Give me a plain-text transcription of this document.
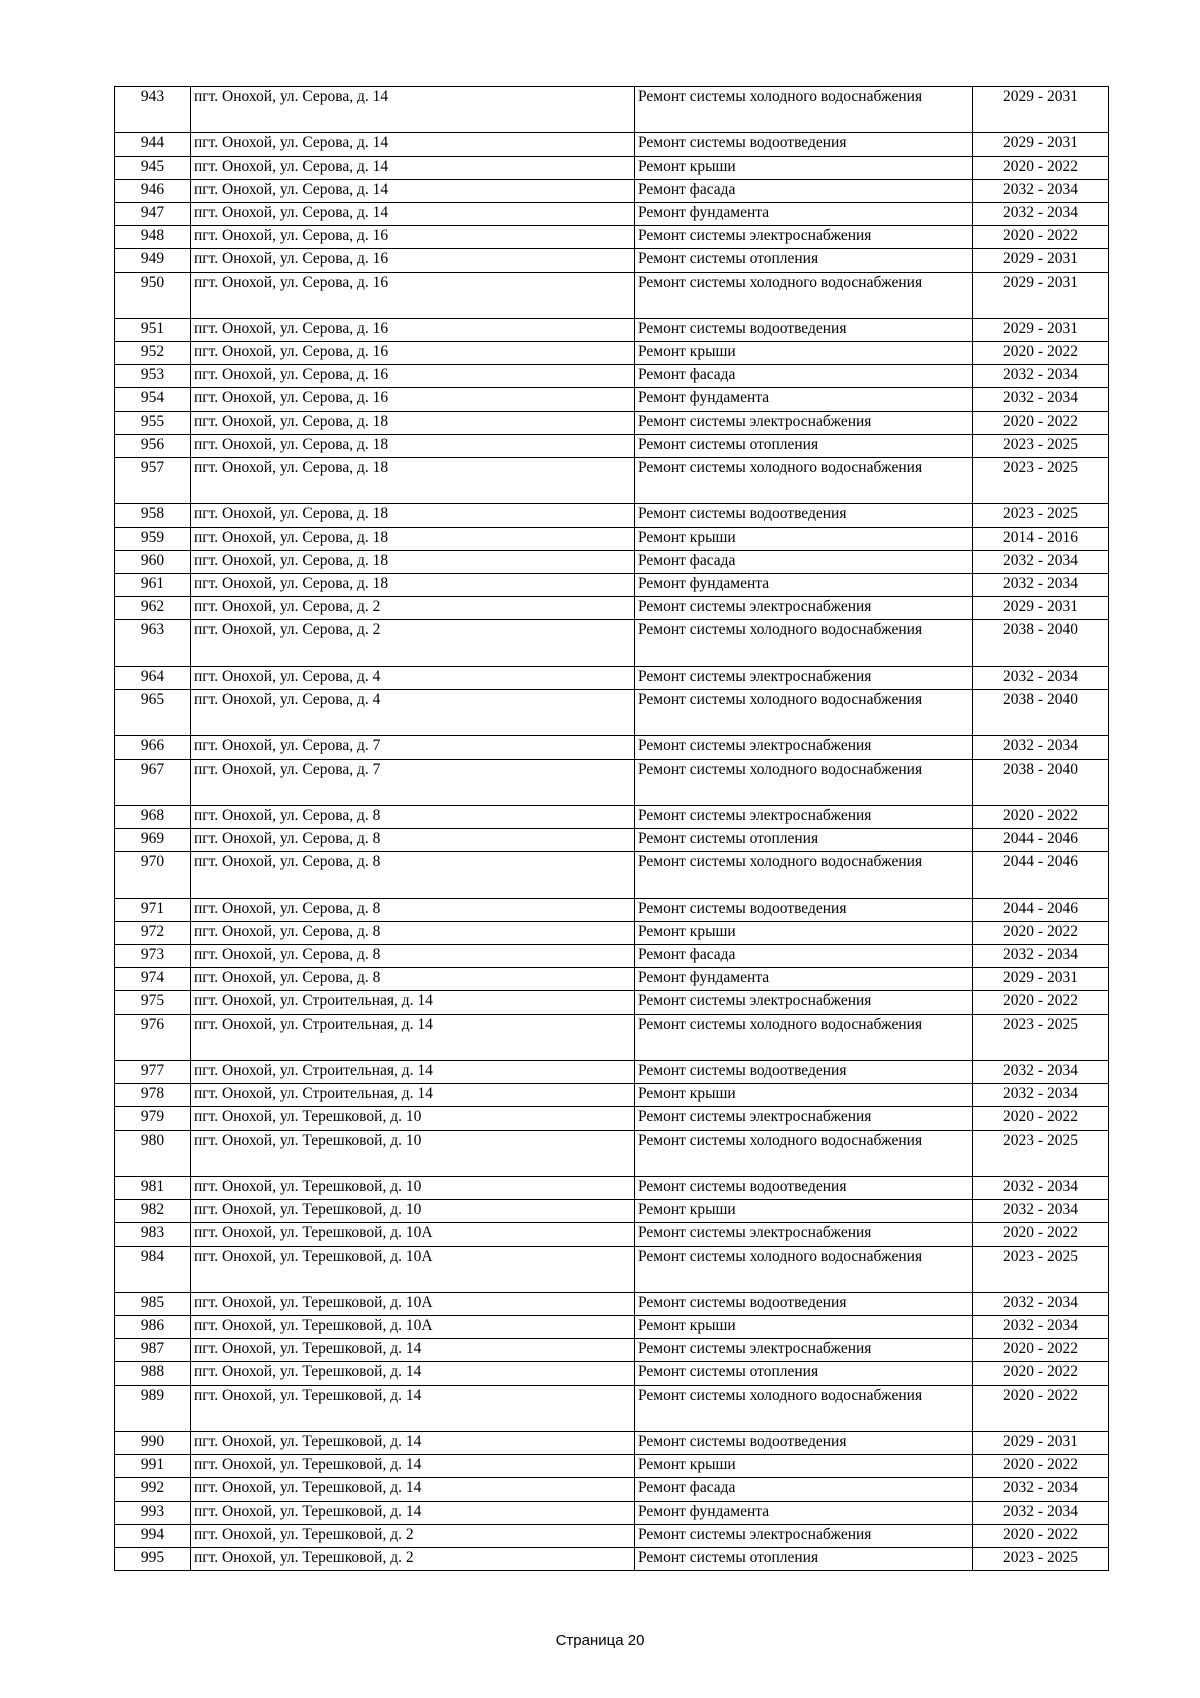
943	пгт. Онохой, ул. Серова, д. 14	Ремонт системы холодного водоснабжения	2029 - 2031
944	пгт. Онохой, ул. Серова, д. 14	Ремонт системы водоотведения	2029 - 2031
945	пгт. Онохой, ул. Серова, д. 14	Ремонт крыши	2020 - 2022
946	пгт. Онохой, ул. Серова, д. 14	Ремонт фасада	2032 - 2034
947	пгт. Онохой, ул. Серова, д. 14	Ремонт фундамента	2032 - 2034
948	пгт. Онохой, ул. Серова, д. 16	Ремонт системы электроснабжения	2020 - 2022
949	пгт. Онохой, ул. Серова, д. 16	Ремонт системы отопления	2029 - 2031
950	пгт. Онохой, ул. Серова, д. 16	Ремонт системы холодного водоснабжения	2029 - 2031
951	пгт. Онохой, ул. Серова, д. 16	Ремонт системы водоотведения	2029 - 2031
952	пгт. Онохой, ул. Серова, д. 16	Ремонт крыши	2020 - 2022
953	пгт. Онохой, ул. Серова, д. 16	Ремонт фасада	2032 - 2034
954	пгт. Онохой, ул. Серова, д. 16	Ремонт фундамента	2032 - 2034
955	пгт. Онохой, ул. Серова, д. 18	Ремонт системы электроснабжения	2020 - 2022
956	пгт. Онохой, ул. Серова, д. 18	Ремонт системы отопления	2023 - 2025
957	пгт. Онохой, ул. Серова, д. 18	Ремонт системы холодного водоснабжения	2023 - 2025
958	пгт. Онохой, ул. Серова, д. 18	Ремонт системы водоотведения	2023 - 2025
959	пгт. Онохой, ул. Серова, д. 18	Ремонт крыши	2014 - 2016
960	пгт. Онохой, ул. Серова, д. 18	Ремонт фасада	2032 - 2034
961	пгт. Онохой, ул. Серова, д. 18	Ремонт фундамента	2032 - 2034
962	пгт. Онохой, ул. Серова, д. 2	Ремонт системы электроснабжения	2029 - 2031
963	пгт. Онохой, ул. Серова, д. 2	Ремонт системы холодного водоснабжения	2038 - 2040
964	пгт. Онохой, ул. Серова, д. 4	Ремонт системы электроснабжения	2032 - 2034
965	пгт. Онохой, ул. Серова, д. 4	Ремонт системы холодного водоснабжения	2038 - 2040
966	пгт. Онохой, ул. Серова, д. 7	Ремонт системы электроснабжения	2032 - 2034
967	пгт. Онохой, ул. Серова, д. 7	Ремонт системы холодного водоснабжения	2038 - 2040
968	пгт. Онохой, ул. Серова, д. 8	Ремонт системы электроснабжения	2020 - 2022
969	пгт. Онохой, ул. Серова, д. 8	Ремонт системы отопления	2044 - 2046
970	пгт. Онохой, ул. Серова, д. 8	Ремонт системы холодного водоснабжения	2044 - 2046
971	пгт. Онохой, ул. Серова, д. 8	Ремонт системы водоотведения	2044 - 2046
972	пгт. Онохой, ул. Серова, д. 8	Ремонт крыши	2020 - 2022
973	пгт. Онохой, ул. Серова, д. 8	Ремонт фасада	2032 - 2034
974	пгт. Онохой, ул. Серова, д. 8	Ремонт фундамента	2029 - 2031
975	пгт. Онохой, ул. Строительная, д. 14	Ремонт системы электроснабжения	2020 - 2022
976	пгт. Онохой, ул. Строительная, д. 14	Ремонт системы холодного водоснабжения	2023 - 2025
977	пгт. Онохой, ул. Строительная, д. 14	Ремонт системы водоотведения	2032 - 2034
978	пгт. Онохой, ул. Строительная, д. 14	Ремонт крыши	2032 - 2034
979	пгт. Онохой, ул. Терешковой, д. 10	Ремонт системы электроснабжения	2020 - 2022
980	пгт. Онохой, ул. Терешковой, д. 10	Ремонт системы холодного водоснабжения	2023 - 2025
981	пгт. Онохой, ул. Терешковой, д. 10	Ремонт системы водоотведения	2032 - 2034
982	пгт. Онохой, ул. Терешковой, д. 10	Ремонт крыши	2032 - 2034
983	пгт. Онохой, ул. Терешковой, д. 10А	Ремонт системы электроснабжения	2020 - 2022
984	пгт. Онохой, ул. Терешковой, д. 10А	Ремонт системы холодного водоснабжения	2023 - 2025
985	пгт. Онохой, ул. Терешковой, д. 10А	Ремонт системы водоотведения	2032 - 2034
986	пгт. Онохой, ул. Терешковой, д. 10А	Ремонт крыши	2032 - 2034
987	пгт. Онохой, ул. Терешковой, д. 14	Ремонт системы электроснабжения	2020 - 2022
988	пгт. Онохой, ул. Терешковой, д. 14	Ремонт системы отопления	2020 - 2022
989	пгт. Онохой, ул. Терешковой, д. 14	Ремонт системы холодного водоснабжения	2020 - 2022
990	пгт. Онохой, ул. Терешковой, д. 14	Ремонт системы водоотведения	2029 - 2031
991	пгт. Онохой, ул. Терешковой, д. 14	Ремонт крыши	2020 - 2022
992	пгт. Онохой, ул. Терешковой, д. 14	Ремонт фасада	2032 - 2034
993	пгт. Онохой, ул. Терешковой, д. 14	Ремонт фундамента	2032 - 2034
994	пгт. Онохой, ул. Терешковой, д. 2	Ремонт системы электроснабжения	2020 - 2022
995	пгт. Онохой, ул. Терешковой, д. 2	Ремонт системы отопления	2023 - 2025
Страница 20
